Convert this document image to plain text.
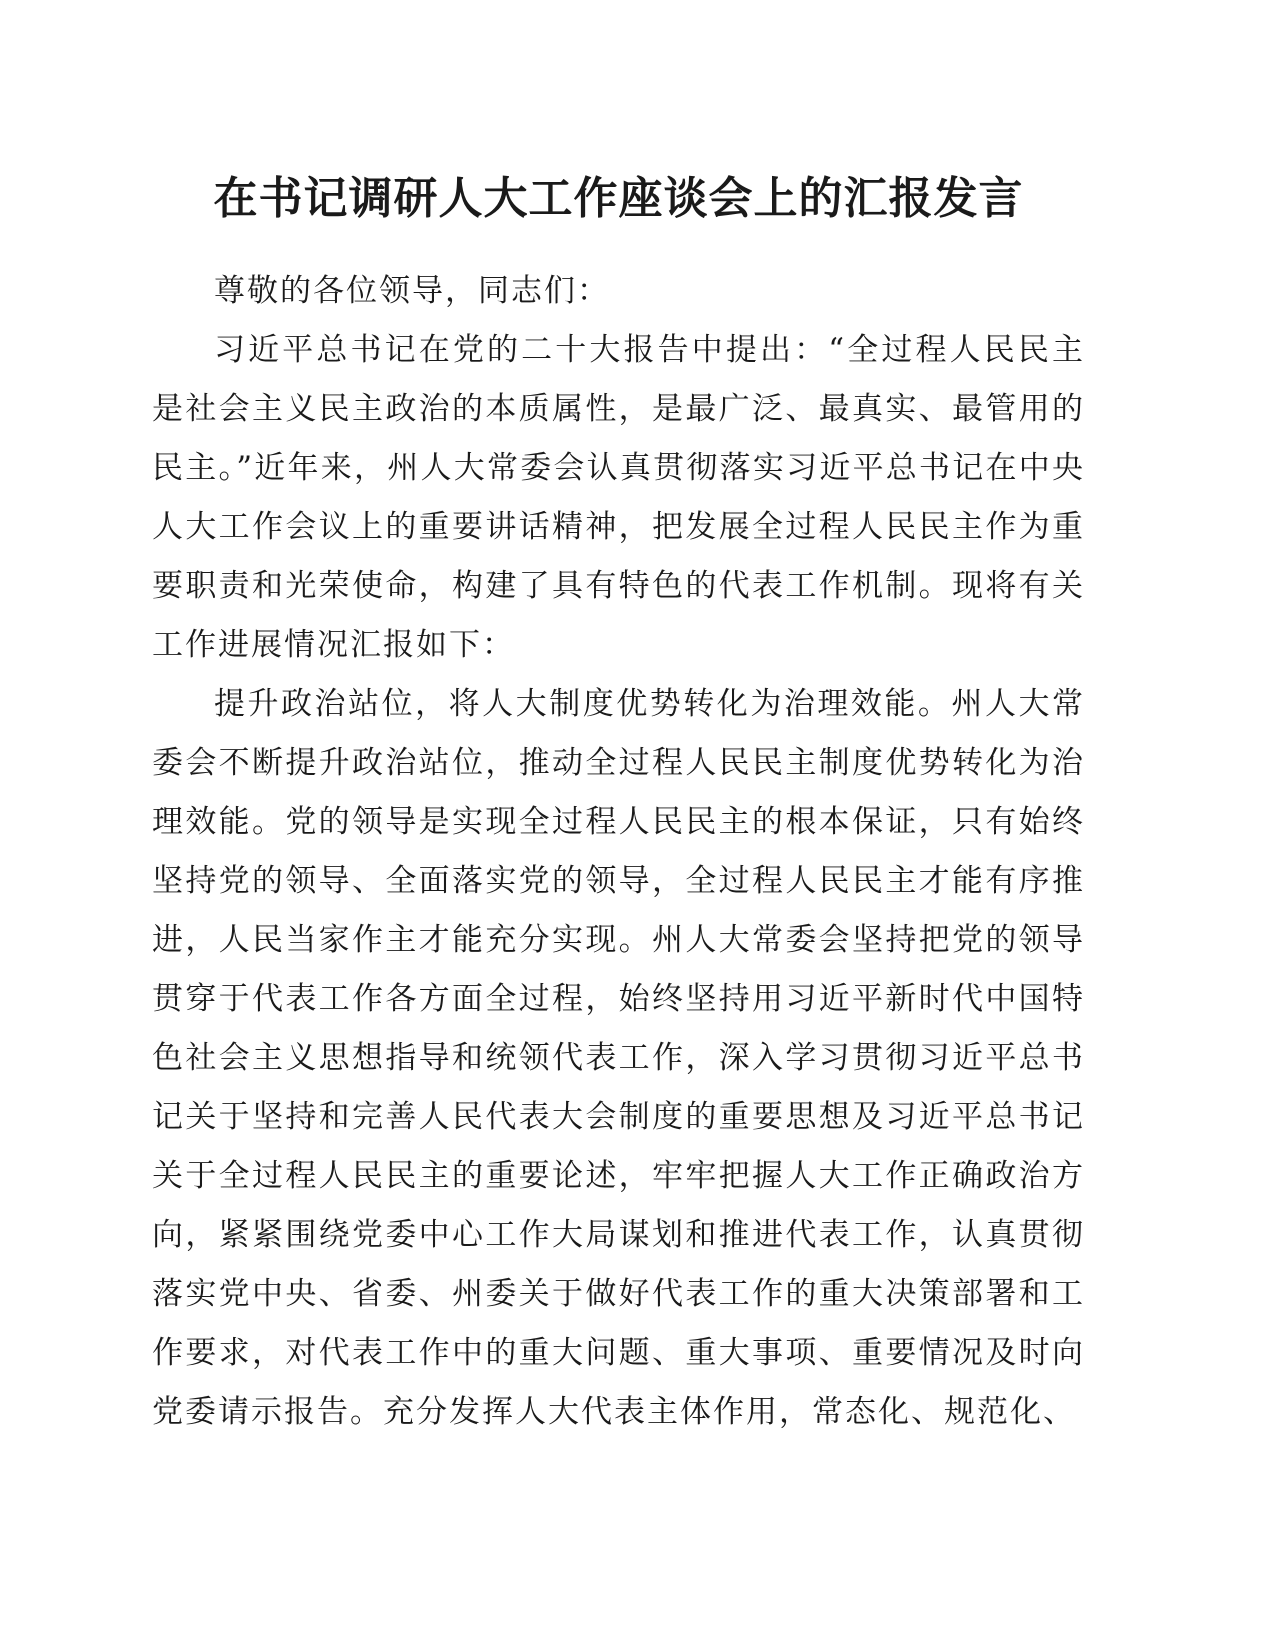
在书记调研人大工作座谈会上的汇报发言

尊敬的各位领导，同志们：

习近平总书记在党的二十大报告中提出：“全过程人民民主是社会主义民主政治的本质属性，是最广泛、最真实、最管用的民主。”近年来，州人大常委会认真贯彻落实习近平总书记在中央人大工作会议上的重要讲话精神，把发展全过程人民民主作为重要职责和光荣使命，构建了具有特色的代表工作机制。现将有关工作进展情况汇报如下：

提升政治站位，将人大制度优势转化为治理效能。州人大常委会不断提升政治站位，推动全过程人民民主制度优势转化为治理效能。党的领导是实现全过程人民民主的根本保证，只有始终坚持党的领导、全面落实党的领导，全过程人民民主才能有序推进，人民当家作主才能充分实现。州人大常委会坚持把党的领导贯穿于代表工作各方面全过程，始终坚持用习近平新时代中国特色社会主义思想指导和统领代表工作，深入学习贯彻习近平总书记关于坚持和完善人民代表大会制度的重要思想及习近平总书记关于全过程人民民主的重要论述，牢牢把握人大工作正确政治方向，紧紧围绕党委中心工作大局谋划和推进代表工作，认真贯彻落实党中央、省委、州委关于做好代表工作的重大决策部署和工作要求，对代表工作中的重大问题、重大事项、重要情况及时向党委请示报告。充分发挥人大代表主体作用，常态化、规范化、
